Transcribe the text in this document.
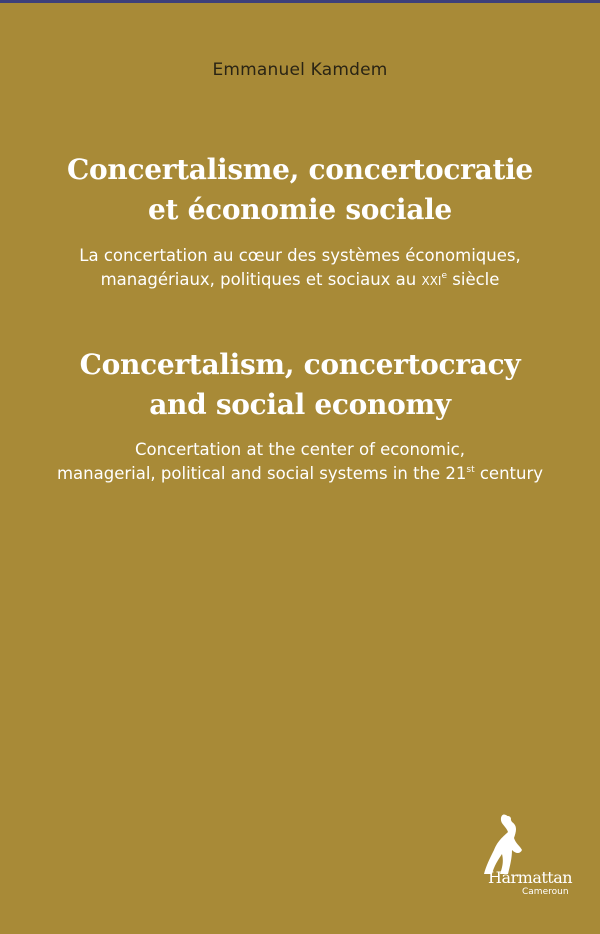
Emmanuel Kamdem
Concertalisme, concertocratie
et économie sociale
La concertation au cœur des systèmes économiques,
managériaux, politiques et sociaux au xxi$^e$ siècle
Concertalism, concertocracy
and social economy
Concertation at the center of economic,
managerial, political and social systems in the 21st century
Harmattan
Cameroun
